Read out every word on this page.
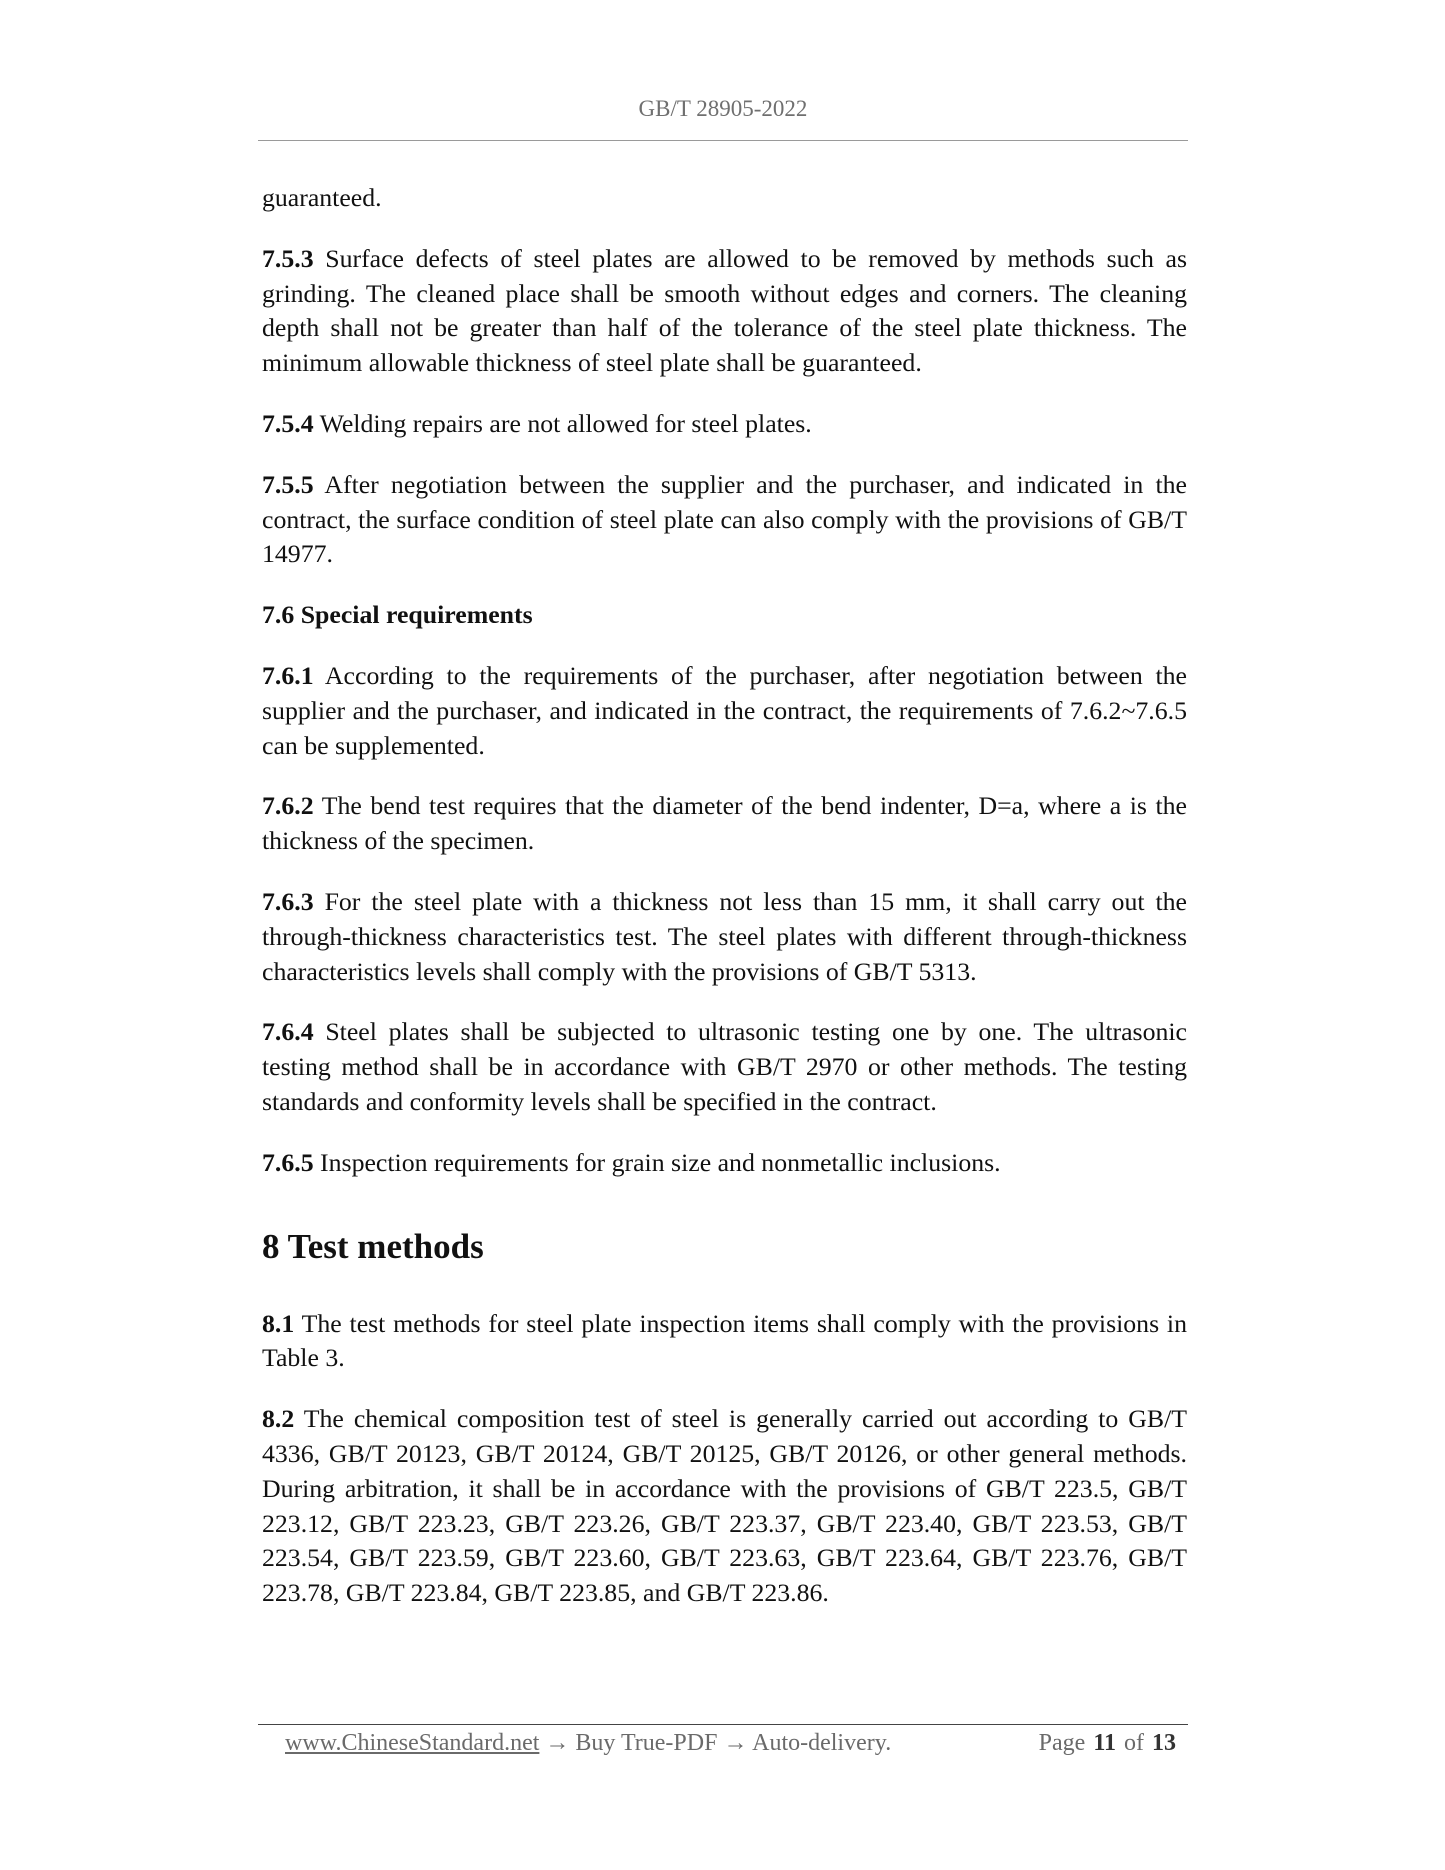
GB/T 28905-2022

guaranteed.

7.5.3 Surface defects of steel plates are allowed to be removed by methods such as grinding. The cleaned place shall be smooth without edges and corners. The cleaning depth shall not be greater than half of the tolerance of the steel plate thickness. The minimum allowable thickness of steel plate shall be guaranteed.

7.5.4 Welding repairs are not allowed for steel plates.

7.5.5 After negotiation between the supplier and the purchaser, and indicated in the contract, the surface condition of steel plate can also comply with the provisions of GB/T 14977.

7.6 Special requirements

7.6.1 According to the requirements of the purchaser, after negotiation between the supplier and the purchaser, and indicated in the contract, the requirements of 7.6.2~7.6.5 can be supplemented.

7.6.2 The bend test requires that the diameter of the bend indenter, D=a, where a is the thickness of the specimen.

7.6.3 For the steel plate with a thickness not less than 15 mm, it shall carry out the through-thickness characteristics test. The steel plates with different through-thickness characteristics levels shall comply with the provisions of GB/T 5313.

7.6.4 Steel plates shall be subjected to ultrasonic testing one by one. The ultrasonic testing method shall be in accordance with GB/T 2970 or other methods. The testing standards and conformity levels shall be specified in the contract.

7.6.5 Inspection requirements for grain size and nonmetallic inclusions.

8 Test methods

8.1 The test methods for steel plate inspection items shall comply with the provisions in Table 3.

8.2 The chemical composition test of steel is generally carried out according to GB/T 4336, GB/T 20123, GB/T 20124, GB/T 20125, GB/T 20126, or other general methods. During arbitration, it shall be in accordance with the provisions of GB/T 223.5, GB/T 223.12, GB/T 223.23, GB/T 223.26, GB/T 223.37, GB/T 223.40, GB/T 223.53, GB/T 223.54, GB/T 223.59, GB/T 223.60, GB/T 223.63, GB/T 223.64, GB/T 223.76, GB/T 223.78, GB/T 223.84, GB/T 223.85, and GB/T 223.86.

www.ChineseStandard.net → Buy True-PDF → Auto-delivery.	Page 11 of 13
